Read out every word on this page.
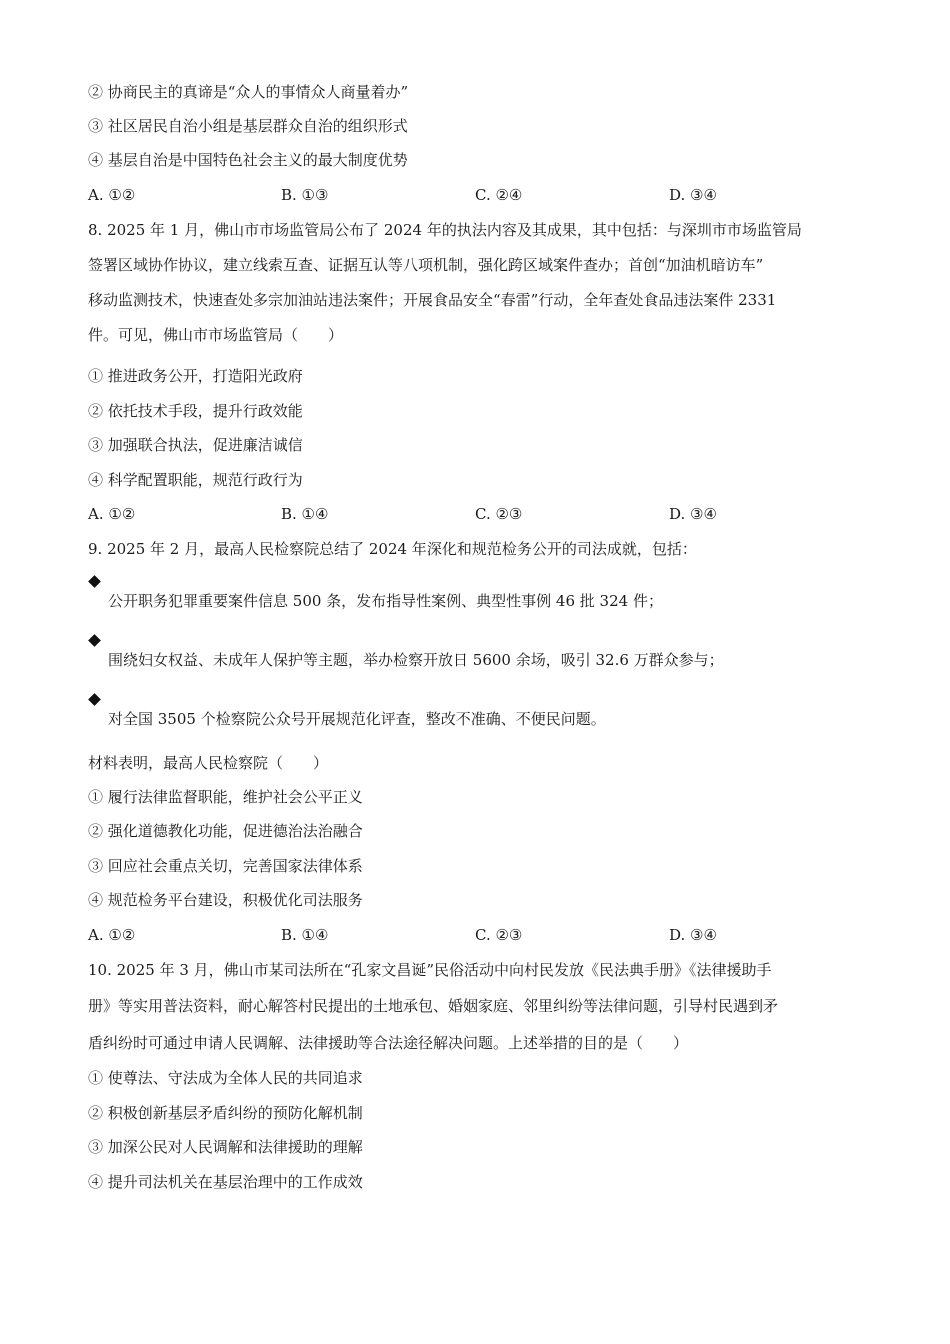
② 协商民主的真谛是“众人的事情众人商量着办”
③ 社区居民自治小组是基层群众自治的组织形式
④ 基层自治是中国特色社会主义的最大制度优势
A. ①②	B. ①③	C. ②④	D. ③④
8. 2025 年 1 月，佛山市市场监管局公布了 2024 年的执法内容及其成果，其中包括：与深圳市市场监管局
签署区域协作协议，建立线索互查、证据互认等八项机制，强化跨区域案件查办；首创“加油机暗访车”
移动监测技术，快速查处多宗加油站违法案件；开展食品安全“春雷”行动，全年查处食品违法案件 2331
件。可见，佛山市市场监管局（　　）
① 推进政务公开，打造阳光政府
② 依托技术手段，提升行政效能
③ 加强联合执法，促进廉洁诚信
④ 科学配置职能，规范行政行为
A. ①②	B. ①④	C. ②③	D. ③④
9. 2025 年 2 月，最高人民检察院总结了 2024 年深化和规范检务公开的司法成就，包括：
公开职务犯罪重要案件信息 500 条，发布指导性案例、典型性事例 46 批 324 件；
围绕妇女权益、未成年人保护等主题，举办检察开放日 5600 余场，吸引 32.6 万群众参与；
对全国 3505 个检察院公众号开展规范化评查，整改不准确、不便民问题。
材料表明，最高人民检察院（　　）
① 履行法律监督职能，维护社会公平正义
② 强化道德教化功能，促进德治法治融合
③ 回应社会重点关切，完善国家法律体系
④ 规范检务平台建设，积极优化司法服务
A. ①②	B. ①④	C. ②③	D. ③④
10. 2025 年 3 月，佛山市某司法所在“孔家文昌诞”民俗活动中向村民发放《民法典手册》《法律援助手
册》等实用普法资料，耐心解答村民提出的土地承包、婚姻家庭、邻里纠纷等法律问题，引导村民遇到矛
盾纠纷时可通过申请人民调解、法律援助等合法途径解决问题。上述举措的目的是（　　）
① 使尊法、守法成为全体人民的共同追求
② 积极创新基层矛盾纠纷的预防化解机制
③ 加深公民对人民调解和法律援助的理解
④ 提升司法机关在基层治理中的工作成效
